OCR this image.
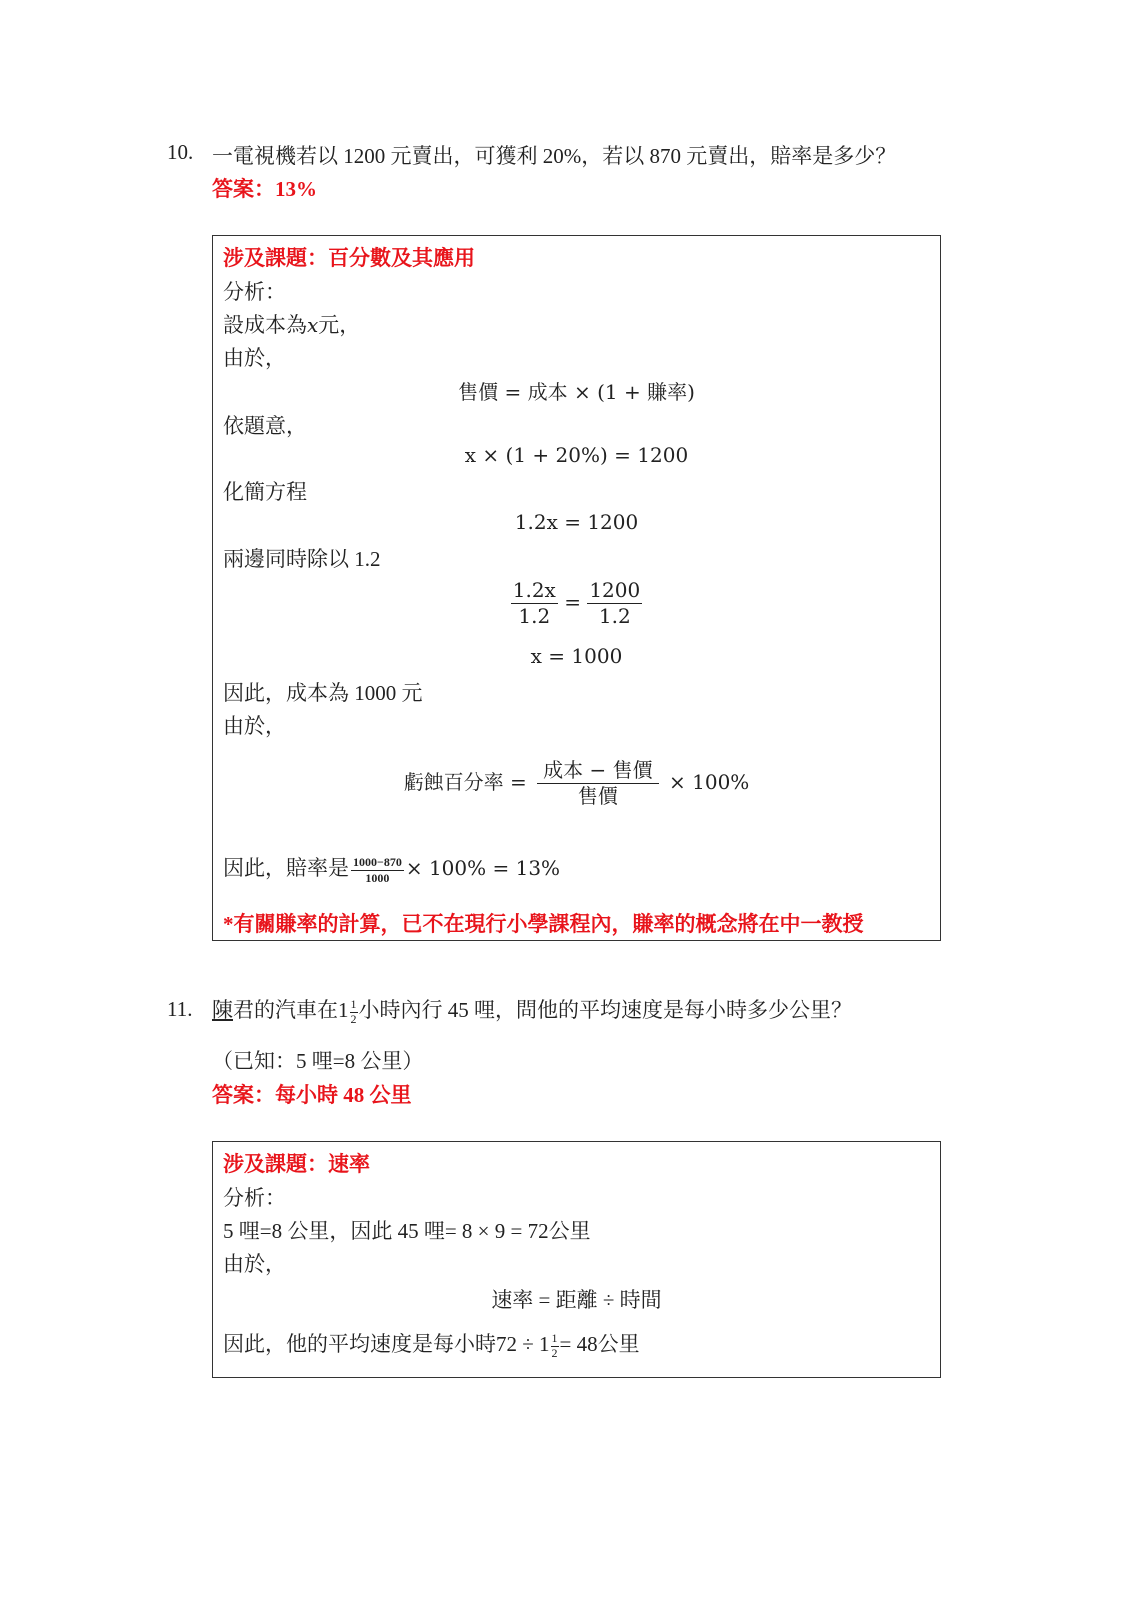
10. 一電視機若以 1200 元賣出，可獲利 20%，若以 870 元賣出，賠率是多少？
答案：13%
涉及課題：百分數及其應用
分析：
設成本為x元，
由於，
售價 = 成本 × (1 + 賺率)
依題意，
x × (1 + 20%) = 1200
化簡方程
1.2x = 1200
兩邊同時除以 1.2
$\frac{1.2x}{1.2} = \frac{1200}{1.2}$
x = 1000
因此，成本為 1000 元
由於，
虧蝕百分率 = $\frac{\text{成本 − 售價}}{\text{售價}} \times 100\%$
因此，賠率是 $\frac{1000-870}{1000} \times 100\% = 13\%$
*有關賺率的計算，已不在現行小學課程內，賺率的概念將在中一教授
11. 陳君的汽車在$1 \frac{1}{2}$ 小時內行 45 哩，問他的平均速度是每小時多少公里？
（已知：5 哩=8 公里）
答案：每小時 48 公里
涉及課題：速率
分析：
5 哩=8 公里，因此 45 哩= 8 × 9 = 72公里
由於，
速率 = 距離 ÷ 時間
因此，他的平均速度是每小時$72 \div 1 \frac{1}{2} = 48$公里
